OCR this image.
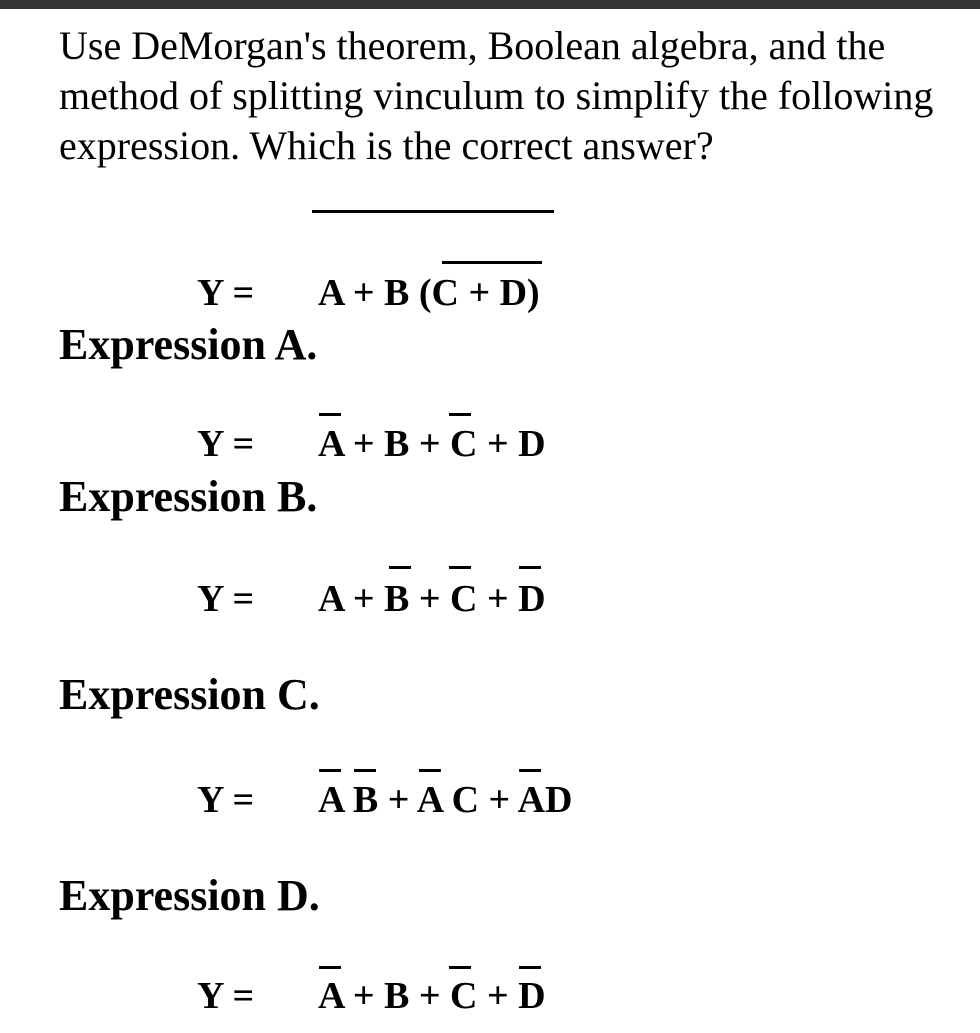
Use DeMorgan's theorem, Boolean algebra, and the
method of splitting vinculum to simplify the following
expression. Which is the correct answer?
Y = A + B (C + D)
Expression A.
Y = A + B + C + D
Expression B.
Y = A + B + C + D
Expression C.
Y = A B + A C + AD
Expression D.
Y = A + B + C + D
